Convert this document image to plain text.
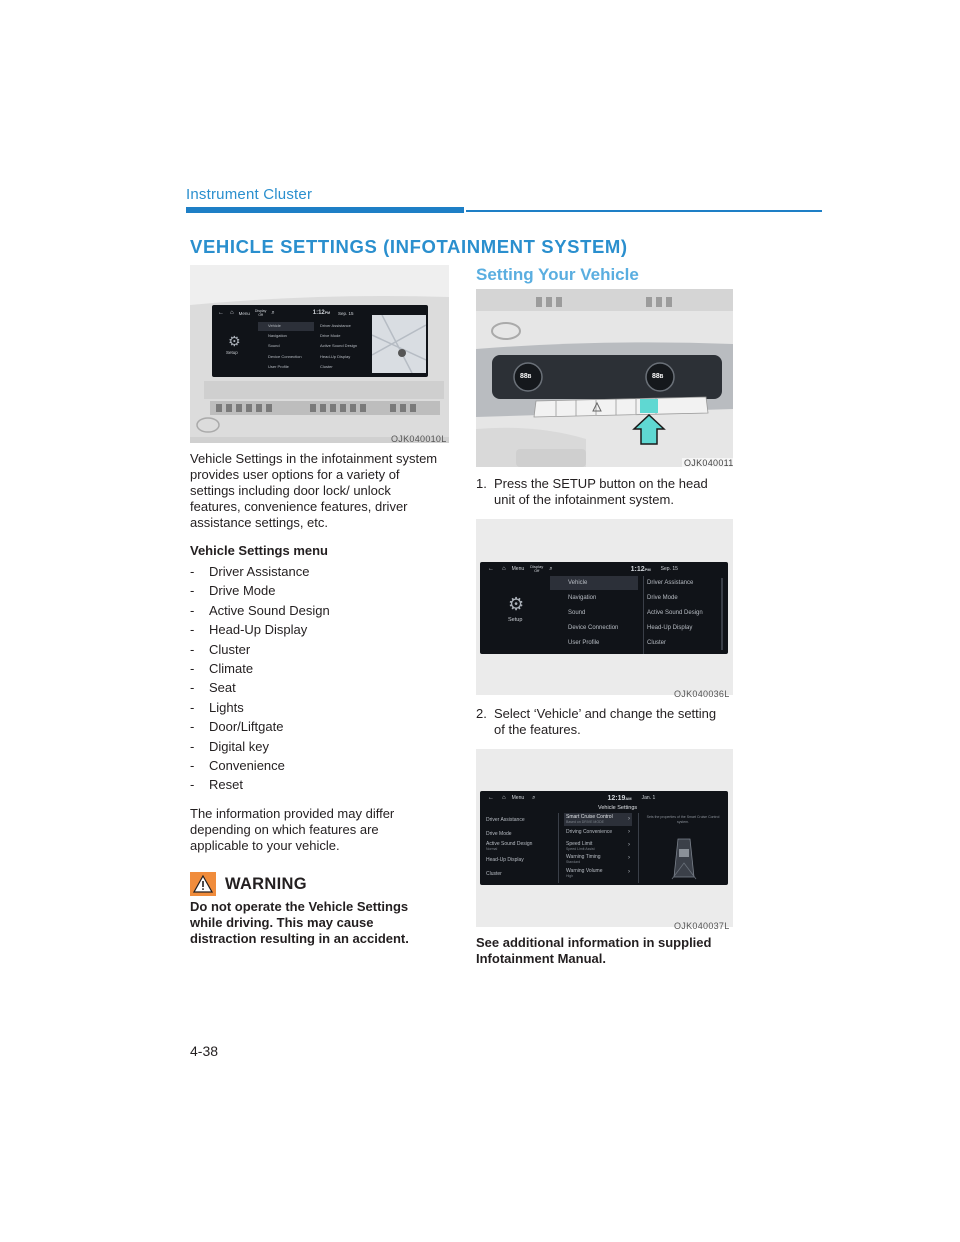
Instrument Cluster
VEHICLE SETTINGS (INFOTAINMENT SYSTEM)
← ⌂ Menu Display
Off	⌕	1:12PM Sep. 15
⚙
Setup
Vehicle
Navigation
Sound
Device Connection
User Profile
Driver Assistance
Drive Mode
Active Sound Design
Head-Up Display
Cluster
OJK040010L
Vehicle Settings in the infotainment system provides user options for a variety of settings including door lock/ unlock features, convenience features, driver assistance settings, etc.
Vehicle Settings menu
- Driver Assistance
- Drive Mode
- Active Sound Design
- Head-Up Display
- Cluster
- Climate
- Seat
- Lights
- Door/Liftgate
- Digital key
- Convenience
- Reset
The information provided may differ depending on which features are applicable to your vehicle.
WARNING
Do not operate the Vehicle Settings while driving. This may cause distraction resulting in an accident.
Setting Your Vehicle
88B	88B
OJK040011
1. Press the SETUP button on the head unit of the infotainment system.
← ⌂ Menu Display
Off	⌕	1:12PM Sep. 15
⚙
Setup
Vehicle
Navigation
Sound
Device Connection
User Profile
Driver Assistance
Drive Mode
Active Sound Design
Head-Up Display
Cluster
OJK040036L
2. Select ‘Vehicle’ and change the setting of the features.
← ⌂ Menu ⌕	12:19AM Jan. 1
Vehicle Settings
Driver Assistance
Drive Mode
Active Sound Design
Normal
Head-Up Display
Cluster
Smart Cruise Control
Based on DRIVE MODE
Driving Convenience
Speed Limit
Speed Limit Assist
Warning Timing
Standard
Warning Volume
High
›
›
›
›
›
Sets the properties of the Smart Cruise Control system.
OJK040037L
See additional information in supplied Infotainment Manual.
4-38
